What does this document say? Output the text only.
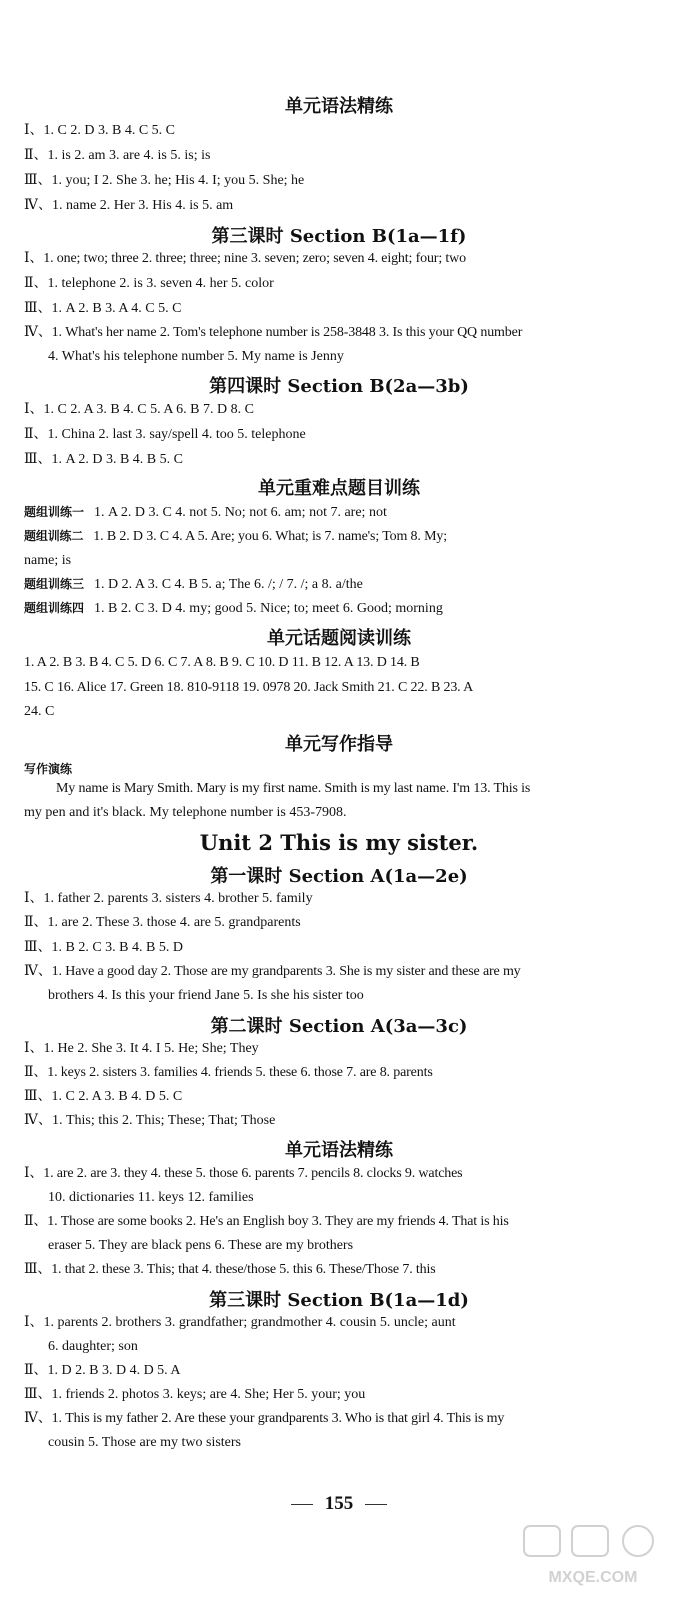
单元语法精练
Ⅰ、1. C 2. D 3. B 4. C 5. C
Ⅱ、1. is 2. am 3. are 4. is 5. is; is
Ⅲ、1. you; I 2. She 3. he; His 4. I; you 5. She; he
Ⅳ、1. name 2. Her 3. His 4. is 5. am
第三课时 Section B(1a—1f)
Ⅰ、1. one; two; three 2. three; three; nine 3. seven; zero; seven 4. eight; four; two
Ⅱ、1. telephone 2. is 3. seven 4. her 5. color
Ⅲ、1. A 2. B 3. A 4. C 5. C
Ⅳ、1. What's her name 2. Tom's telephone number is 258-3848 3. Is this your QQ number
4. What's his telephone number 5. My name is Jenny
第四课时 Section B(2a—3b)
Ⅰ、1. C 2. A 3. B 4. C 5. A 6. B 7. D 8. C
Ⅱ、1. China 2. last 3. say/spell 4. too 5. telephone
Ⅲ、1. A 2. D 3. B 4. B 5. C
单元重难点题目训练
题组训练一 1. A 2. D 3. C 4. not 5. No; not 6. am; not 7. are; not
题组训练二 1. B 2. D 3. C 4. A 5. Are; you 6. What; is 7. name's; Tom 8. My;
name; is
题组训练三 1. D 2. A 3. C 4. B 5. a; The 6. /; / 7. /; a 8. a/the
题组训练四 1. B 2. C 3. D 4. my; good 5. Nice; to; meet 6. Good; morning
单元话题阅读训练
1. A 2. B 3. B 4. C 5. D 6. C 7. A 8. B 9. C 10. D 11. B 12. A 13. D 14. B
15. C 16. Alice 17. Green 18. 810-9118 19. 0978 20. Jack Smith 21. C 22. B 23. A
24. C
单元写作指导
写作演练
My name is Mary Smith. Mary is my first name. Smith is my last name. I'm 13. This is
my pen and it's black. My telephone number is 453-7908.
Unit 2 This is my sister.
第一课时 Section A(1a—2e)
Ⅰ、1. father 2. parents 3. sisters 4. brother 5. family
Ⅱ、1. are 2. These 3. those 4. are 5. grandparents
Ⅲ、1. B 2. C 3. B 4. B 5. D
Ⅳ、1. Have a good day 2. Those are my grandparents 3. She is my sister and these are my
brothers 4. Is this your friend Jane 5. Is she his sister too
第二课时 Section A(3a—3c)
Ⅰ、1. He 2. She 3. It 4. I 5. He; She; They
Ⅱ、1. keys 2. sisters 3. families 4. friends 5. these 6. those 7. are 8. parents
Ⅲ、1. C 2. A 3. B 4. D 5. C
Ⅳ、1. This; this 2. This; These; That; Those
单元语法精练
Ⅰ、1. are 2. are 3. they 4. these 5. those 6. parents 7. pencils 8. clocks 9. watches
10. dictionaries 11. keys 12. families
Ⅱ、1. Those are some books 2. He's an English boy 3. They are my friends 4. That is his
eraser 5. They are black pens 6. These are my brothers
Ⅲ、1. that 2. these 3. This; that 4. these/those 5. this 6. These/Those 7. this
第三课时 Section B(1a—1d)
Ⅰ、1. parents 2. brothers 3. grandfather; grandmother 4. cousin 5. uncle; aunt
6. daughter; son
Ⅱ、1. D 2. B 3. D 4. D 5. A
Ⅲ、1. friends 2. photos 3. keys; are 4. She; Her 5. your; you
Ⅳ、1. This is my father 2. Are these your grandparents 3. Who is that girl 4. This is my
cousin 5. Those are my two sisters
155
MXQE.COM
